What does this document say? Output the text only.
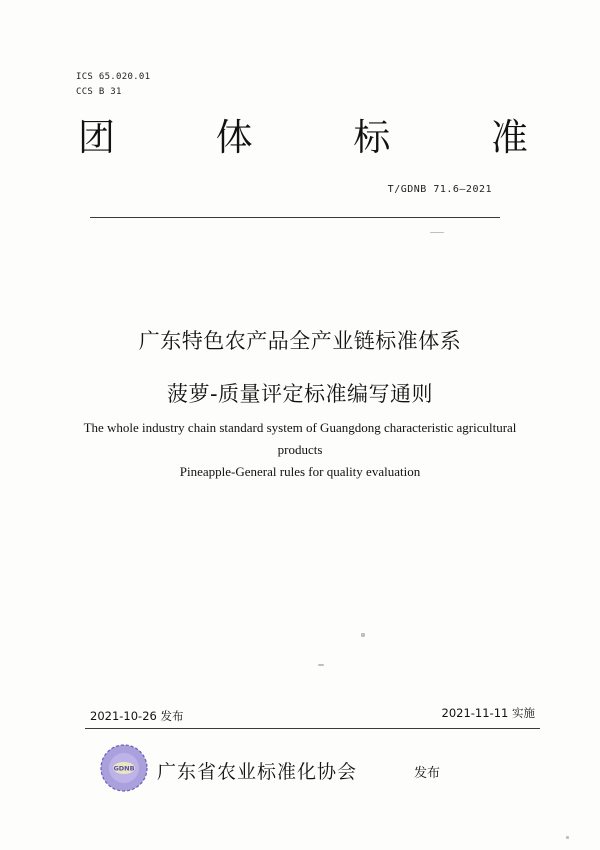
ICS 65.020.01
CCS B 31
团	体	标	准
T/GDNB 71.6—2021
广东特色农产品全产业链标准体系
菠萝-质量评定标准编写通则
The whole industry chain standard system of Guangdong characteristic agricultural
products
Pineapple-General rules for quality evaluation
2021-10-26 发布	2021-11-11 实施
GDNB 广东省农业标准化协会	发布
